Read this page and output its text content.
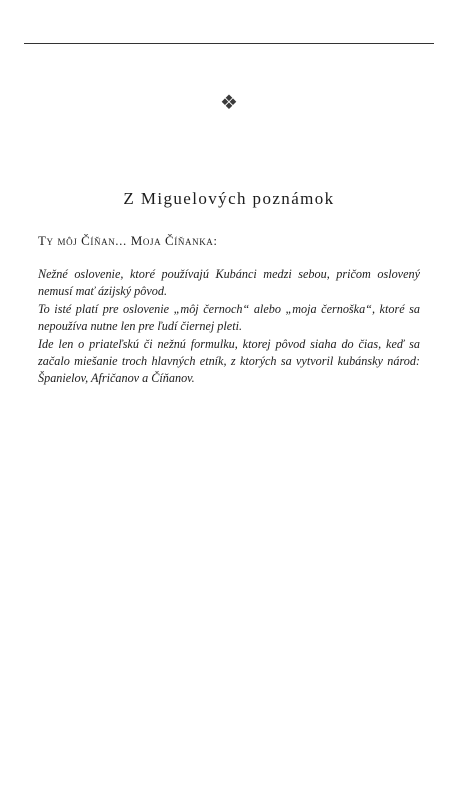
❖
Z Miguelových poznámok
Ty môj Číňan... Moja Číňanka:

Nežné oslovenie, ktoré používajú Kubánci medzi sebou, pričom oslovený nemusí mať ázijský pôvod.

To isté platí pre oslovenie „môj černoch“ alebo „moja černoška“, ktoré sa nepoužíva nutne len pre ľudí čiernej pleti.

Ide len o priateľskú či nežnú formulku, ktorej pôvod siaha do čias, keď sa začalo miešanie troch hlavných etník, z ktorých sa vytvoril kubánsky národ: Španielov, Afričanov a Číňanov.
